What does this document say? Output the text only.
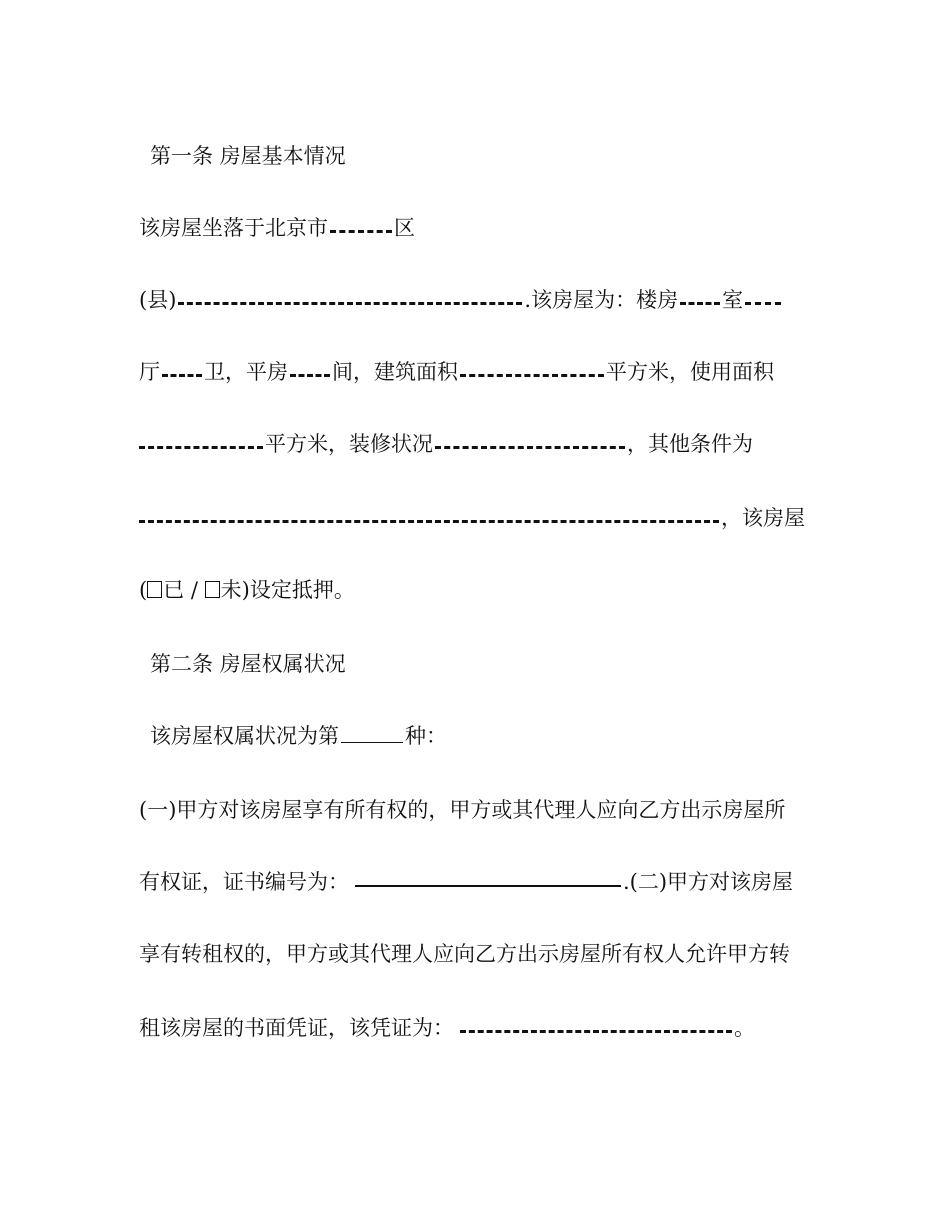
第一条 房屋基本情况
该房屋坐落于北京市	区
(县)	.该房屋为：楼房 室
厅 卫，平房 间，建筑面积	平方米，使用面积
平方米，装修状况	，其他条件为
，该房屋
( 已 / 未)设定抵押。
第二条 房屋权属状况
该房屋权属状况为第	种：
(一)甲方对该房屋享有所有权的，甲方或其代理人应向乙方出示房屋所
有权证，证书编号为：	.(二)甲方对该房屋
享有转租权的，甲方或其代理人应向乙方出示房屋所有权人允许甲方转
租该房屋的书面凭证，该凭证为：	。
